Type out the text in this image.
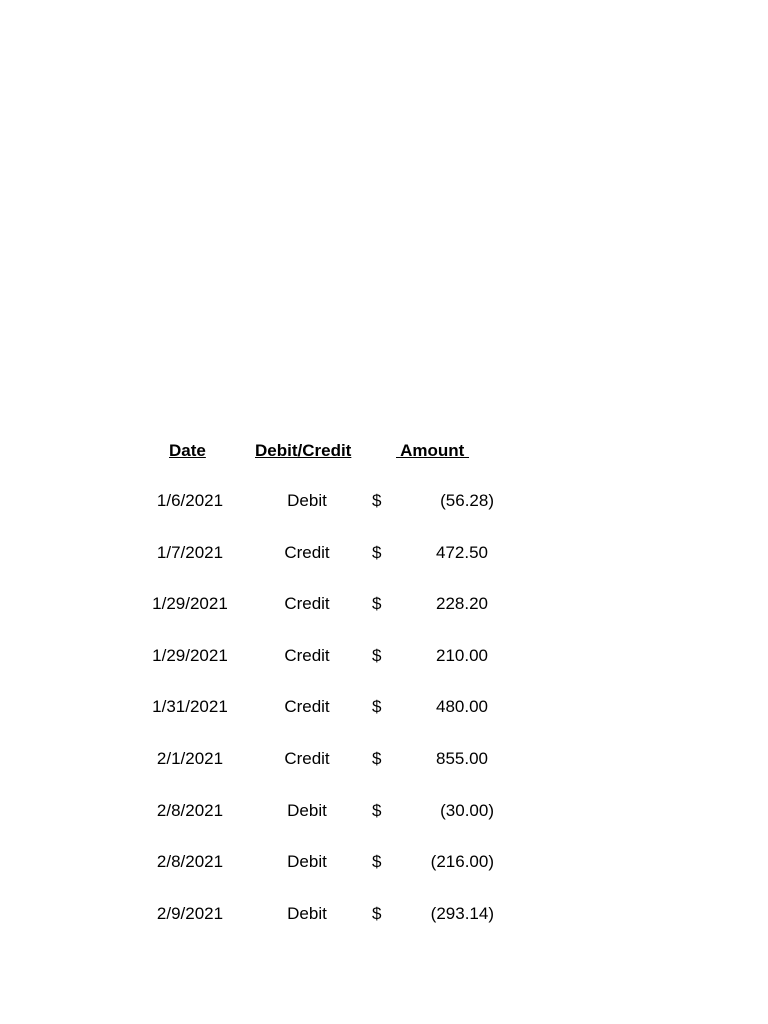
Date	Debit/Credit	Amount
1/6/2021	Debit	$	(56.28)
1/7/2021	Credit	$	472.50
1/29/2021	Credit	$	228.20
1/29/2021	Credit	$	210.00
1/31/2021	Credit	$	480.00
2/1/2021	Credit	$	855.00
2/8/2021	Debit	$	(30.00)
2/8/2021	Debit	$	(216.00)
2/9/2021	Debit	$	(293.14)
